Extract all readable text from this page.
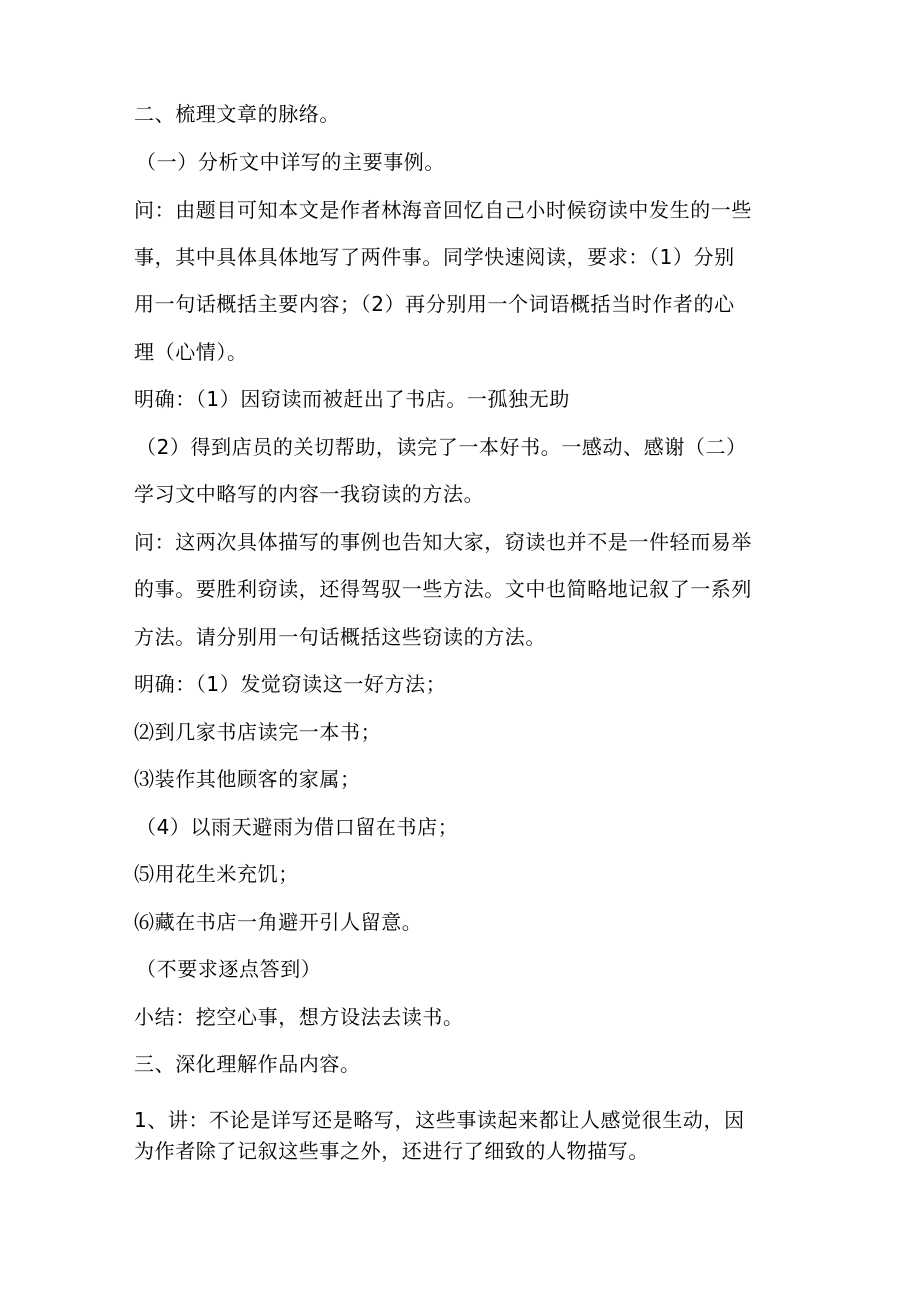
二、梳理文章的脉络。
（一）分析文中详写的主要事例。
问：由题目可知本文是作者林海音回忆自己小时候窃读中发生的一些
事，其中具体具体地写了两件事。同学快速阅读，要求：（1）分别
用一句话概括主要内容；（2）再分别用一个词语概括当时作者的心
理（心情）。
明确：（1）因窃读而被赶出了书店。一孤独无助
（2）得到店员的关切帮助，读完了一本好书。一感动、感谢（二）
学习文中略写的内容一我窃读的方法。
问：这两次具体描写的事例也告知大家，窃读也并不是一件轻而易举
的事。要胜利窃读，还得驾驭一些方法。文中也简略地记叙了一系列
方法。请分别用一句话概括这些窃读的方法。
明确：（1）发觉窃读这一好方法；
⑵到几家书店读完一本书；
⑶装作其他顾客的家属；
（4）以雨天避雨为借口留在书店；
⑸用花生米充饥；
⑹藏在书店一角避开引人留意。
（不要求逐点答到）
小结：挖空心事，想方设法去读书。
三、深化理解作品内容。
1、讲：不论是详写还是略写，这些事读起来都让人感觉很生动，因
为作者除了记叙这些事之外，还进行了细致的人物描写。
